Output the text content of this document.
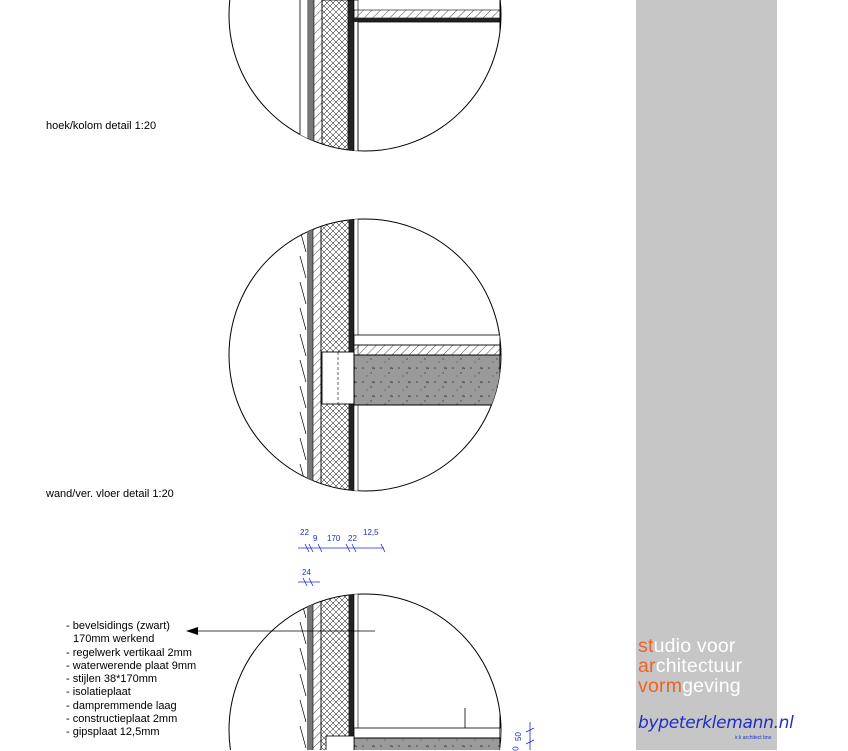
hoek/kolom detail 1:20
wand/ver. vloer detail 1:20
22
9 170 22
12,5
24
50
0
- bevelsidings (zwart)
170mm werkend
- regelwerk vertikaal 2mm
- waterwerende plaat 9mm
- stijlen 38*170mm
- isolatieplaat
- dampremmende laag
- constructieplaat 2mm
- gipsplaat 12,5mm
studio voor
architectuur
vormgeving
bypeterklemann.nl
ir.k architect bno
